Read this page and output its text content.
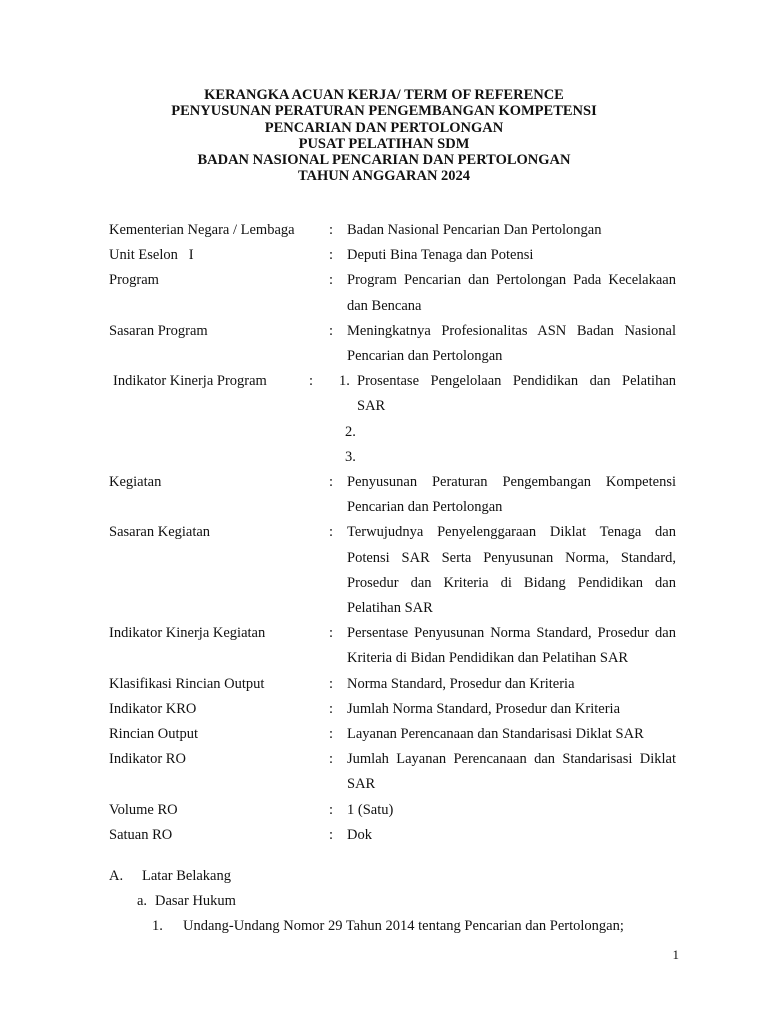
KERANGKA ACUAN KERJA/ TERM OF REFERENCE
PENYUSUNAN PERATURAN PENGEMBANGAN KOMPETENSI
PENCARIAN DAN PERTOLONGAN
PUSAT PELATIHAN SDM
BADAN NASIONAL PENCARIAN DAN PERTOLONGAN
TAHUN ANGGARAN 2024
Kementerian Negara / Lembaga	: Badan Nasional Pencarian Dan Pertolongan
Unit Eselon   I	: Deputi Bina Tenaga dan Potensi
Program	: Program Pencarian dan Pertolongan Pada Kecelakaan dan Bencana
Sasaran Program	: Meningkatnya Profesionalitas ASN Badan Nasional Pencarian dan Pertolongan
Indikator Kinerja Program	:	1. Prosentase Pengelolaan Pendidikan dan Pelatihan SAR
2.
3.
Kegiatan	: Penyusunan Peraturan Pengembangan Kompetensi Pencarian dan Pertolongan
Sasaran Kegiatan	: Terwujudnya Penyelenggaraan Diklat Tenaga dan Potensi SAR Serta Penyusunan Norma, Standard, Prosedur dan Kriteria di Bidang Pendidikan dan Pelatihan SAR
Indikator Kinerja Kegiatan	: Persentase Penyusunan Norma Standard, Prosedur dan Kriteria di Bidan Pendidikan dan Pelatihan SAR
Klasifikasi Rincian Output	: Norma Standard, Prosedur dan Kriteria
Indikator KRO	: Jumlah Norma Standard, Prosedur dan Kriteria
Rincian Output	: Layanan Perencanaan dan Standarisasi Diklat SAR
Indikator RO	: Jumlah Layanan Perencanaan dan Standarisasi Diklat SAR
Volume RO	: 1 (Satu)
Satuan RO	: Dok
A.	Latar Belakang
a. Dasar Hukum
1.	Undang-Undang Nomor 29 Tahun 2014 tentang Pencarian dan Pertolongan;
1
